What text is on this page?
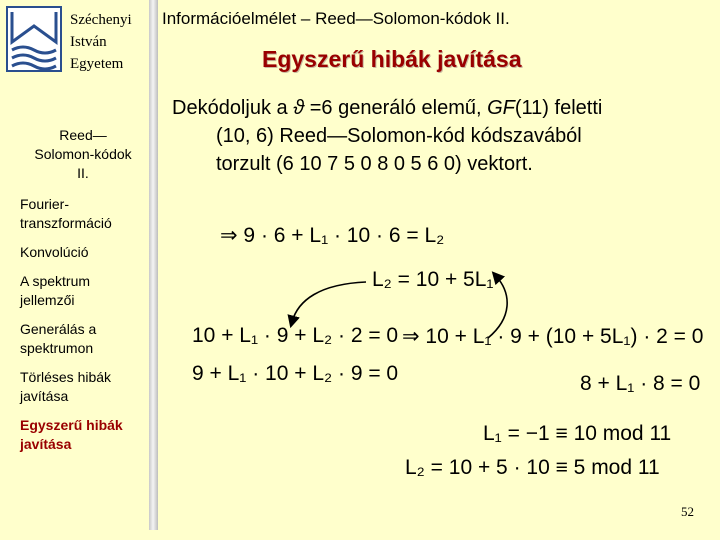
Széchenyi
István
Egyetem
Információelmélet – Reed—Solomon-kódok II.
Egyszerű hibák javítása
Reed—
Solomon-kódok
II.
Fourier-
transzformáció
Konvolúció
A spektrum
jellemzői
Generálás a
spektrumon
Törléses hibák
javítása
Egyszerű hibák
javítása
Dekódoljuk a ϑ =6 generáló elemű, GF(11) feletti
(10, 6) Reed—Solomon-kód kódszavából
torzult (6 10 7 5 0 8 0 5 6 0) vektort.
⇒ 9 · 6 + L₁ · 10 · 6 = L₂
L₂ = 10 + 5L₁
10 + L₁ · 9 + L₂ · 2 = 0 ⇒ 10 + L₁ · 9 + (10 + 5L₁) · 2 = 0
9 + L₁ · 10 + L₂ · 9 = 0	8 + L₁ · 8 = 0
L₁ = −1 ≡ 10 mod 11
L₂ = 10 + 5 · 10 ≡ 5 mod 11
52
